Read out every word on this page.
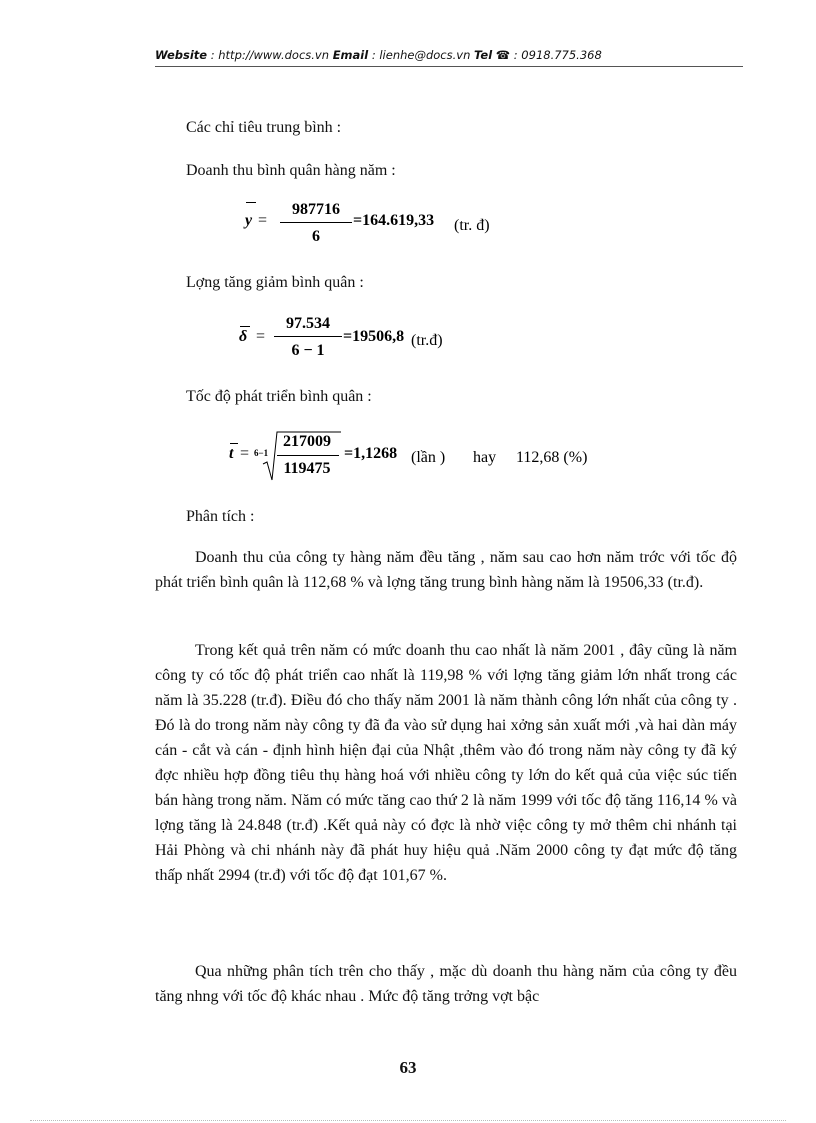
Website : http://www.docs.vn Email : lienhe@docs.vn Tel ☎ : 0918.775.368
Các chỉ tiêu trung bình :
Doanh thu bình quân hàng năm :
y =
987716
6
=164.619,33 (tr. đ)
Lợng tăng giảm bình quân :
δ =
97.534
6 − 1
=19506,8 (tr.đ)
Tốc độ phát triển bình quân :
t = 6−1
217009
119475
=1,1268 (lần ) hay 112,68 (%)
Phân tích :

Doanh thu của công ty hàng năm đều tăng , năm sau cao hơn năm trớc với tốc độ phát triển bình quân là 112,68 % và lợng tăng trung bình hàng năm là 19506,33 (tr.đ).

Trong kết quả trên năm có mức doanh thu cao nhất là năm 2001 , đây cũng là năm công ty có tốc độ phát triển cao nhất là 119,98 % với lợng tăng giảm lớn nhất trong các năm là 35.228 (tr.đ). Điều đó cho thấy năm 2001 là năm thành công lớn nhất của công ty . Đó là do trong năm này công ty đã đa vào sử dụng hai xởng sản xuất mới ,và hai dàn máy cán - cắt và cán - định hình hiện đại của Nhật ,thêm vào đó trong năm này công ty đã ký đợc nhiều hợp đồng tiêu thụ hàng hoá với nhiều công ty lớn do kết quả của việc súc tiến bán hàng trong năm. Năm có mức tăng cao thứ 2 là năm 1999 với tốc độ tăng 116,14 % và lợng tăng là 24.848 (tr.đ) .Kết quả này có đợc là nhờ việc công ty mở thêm chi nhánh tại Hải Phòng và chi nhánh này đã phát huy hiệu quả .Năm 2000 công ty đạt mức độ tăng thấp nhất 2994 (tr.đ) với tốc độ đạt 101,67 %.

Qua những phân tích trên cho thấy , mặc dù doanh thu hàng năm của công ty đều tăng nhng với tốc độ khác nhau . Mức độ tăng trởng vợt bậc

63
